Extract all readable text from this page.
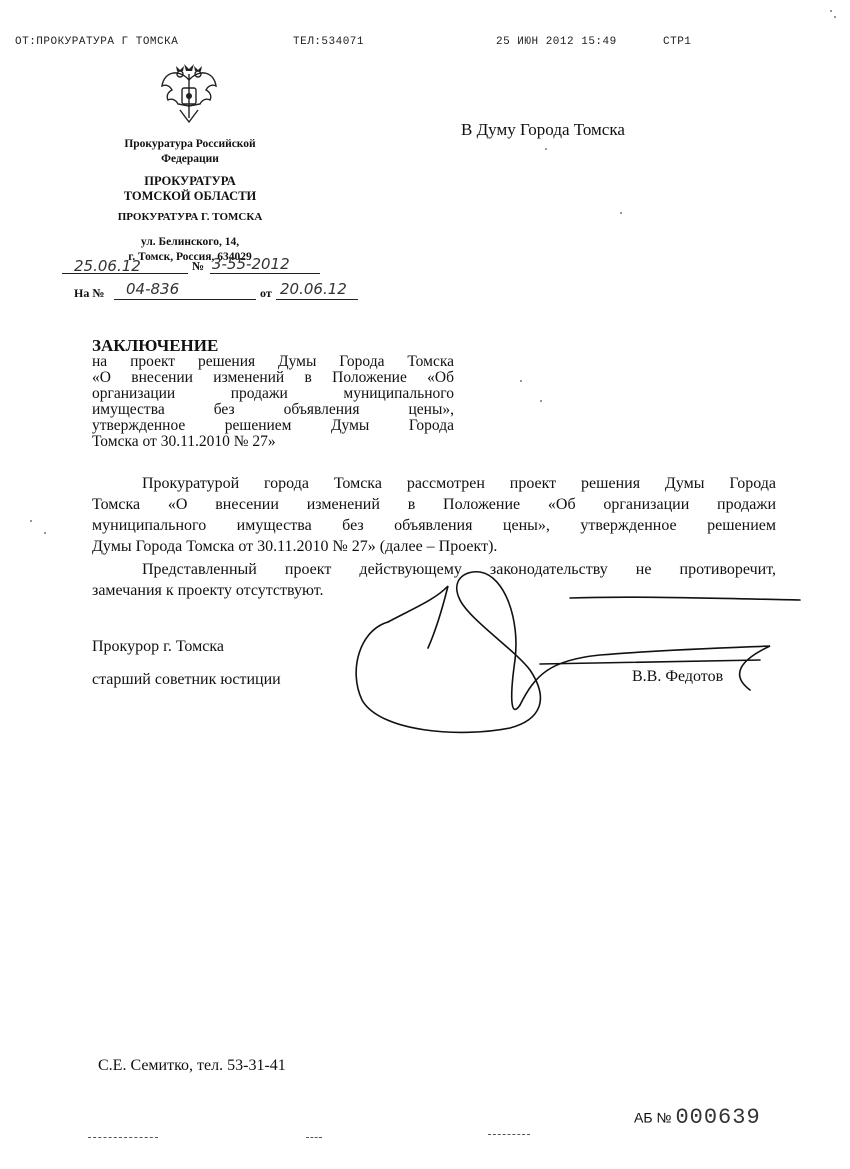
ОТ:ПРОКУРАТУРА Г ТОМСКА	ТЕЛ:534071	25 ИЮН 2012 15:49	СТР1
Прокуратура Российской
Федерации
ПРОКУРАТУРА
ТОМСКОЙ ОБЛАСТИ
ПРОКУРАТУРА Г. ТОМСКА
ул. Белинского, 14,
г. Томск, Россия, 634029
25.06.12	№ 3-55-2012
На № 04-836	от 20.06.12
В Думу Города Томска
ЗАКЛЮЧЕНИЕ
на проект решения Думы Города Томска
«О внесении изменений в Положение «Об
организации продажи муниципального
имущества без объявления цены»,
утвержденное решением Думы Города
Томска от 30.11.2010 № 27»
Прокуратурой города Томска рассмотрен проект решения Думы Города
Томска «О внесении изменений в Положение «Об организации продажи
муниципального имущества без объявления цены», утвержденное решением
Думы Города Томска от 30.11.2010 № 27» (далее – Проект).
Представленный проект действующему законодательству не противоречит,
замечания к проекту отсутствуют.
Прокурор г. Томска
старший советник юстиции	В.В. Федотов
С.Е. Семитко, тел. 53-31-41
АБ № 000639
